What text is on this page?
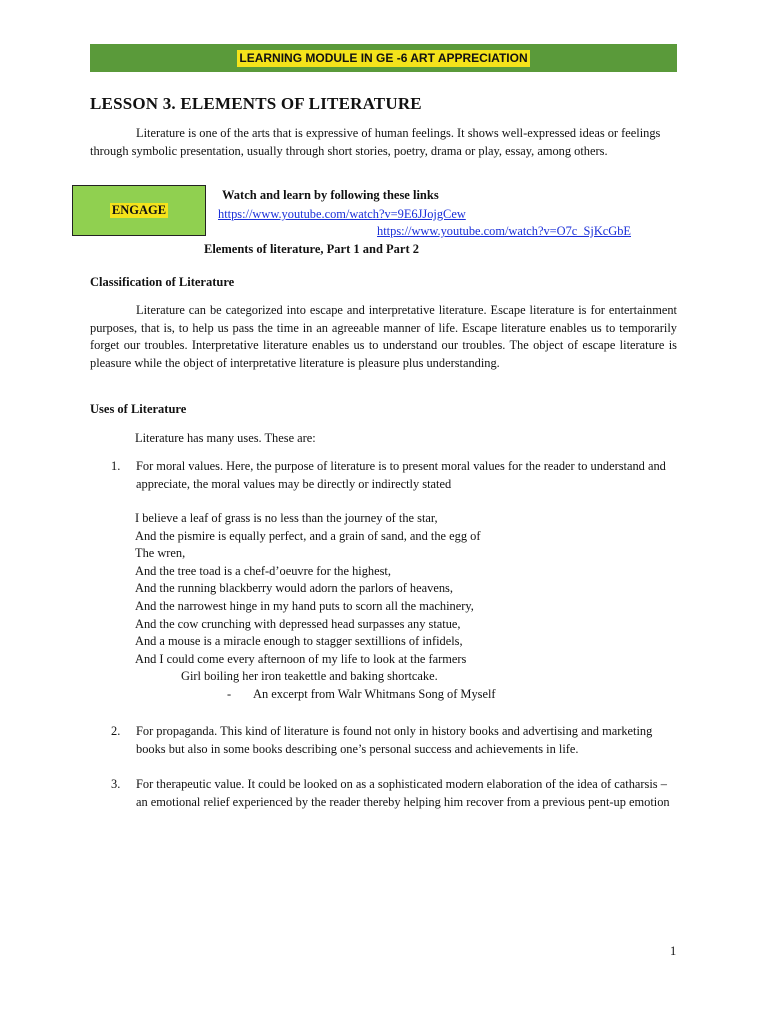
LEARNING MODULE IN GE -6 ART APPRECIATION
LESSON 3. ELEMENTS OF LITERATURE

Literature is one of the arts that is expressive of human feelings. It shows well-expressed ideas or feelings through symbolic presentation, usually through short stories, poetry, drama or play, essay, among others.

ENGAGE
Watch and learn by following these links
https://www.youtube.com/watch?v=9E6JJojgCew
https://www.youtube.com/watch?v=O7c_SjKcGbE
Elements of literature, Part 1 and Part 2
Classification of Literature

Literature can be categorized into escape and interpretative literature. Escape literature is for entertainment purposes, that is, to help us pass the time in an agreeable manner of life. Escape literature enables us to temporarily forget our troubles. Interpretative literature enables us to understand our troubles. The object of escape literature is pleasure while the object of interpretative literature is pleasure plus understanding.

Uses of Literature

Literature has many uses. These are:

1. For moral values. Here, the purpose of literature is to present moral values for the reader to understand and appreciate, the moral values may be directly or indirectly stated
I believe a leaf of grass is no less than the journey of the star,
And the pismire is equally perfect, and a grain of sand, and the egg of
The wren,
And the tree toad is a chef-d’oeuvre for the highest,
And the running blackberry would adorn the parlors of heavens,
And the narrowest hinge in my hand puts to scorn all the machinery,
And the cow crunching with depressed head surpasses any statue,
And a mouse is a miracle enough to stagger sextillions of infidels,
And I could come every afternoon of my life to look at the farmers
Girl boiling her iron teakettle and baking shortcake.
- An excerpt from Walr Whitmans Song of Myself
2. For propaganda. This kind of literature is found not only in history books and advertising and marketing books but also in some books describing one’s personal success and achievements in life.
3. For therapeutic value. It could be looked on as a sophisticated modern elaboration of the idea of catharsis – an emotional relief experienced by the reader thereby helping him recover from a previous pent-up emotion
1
